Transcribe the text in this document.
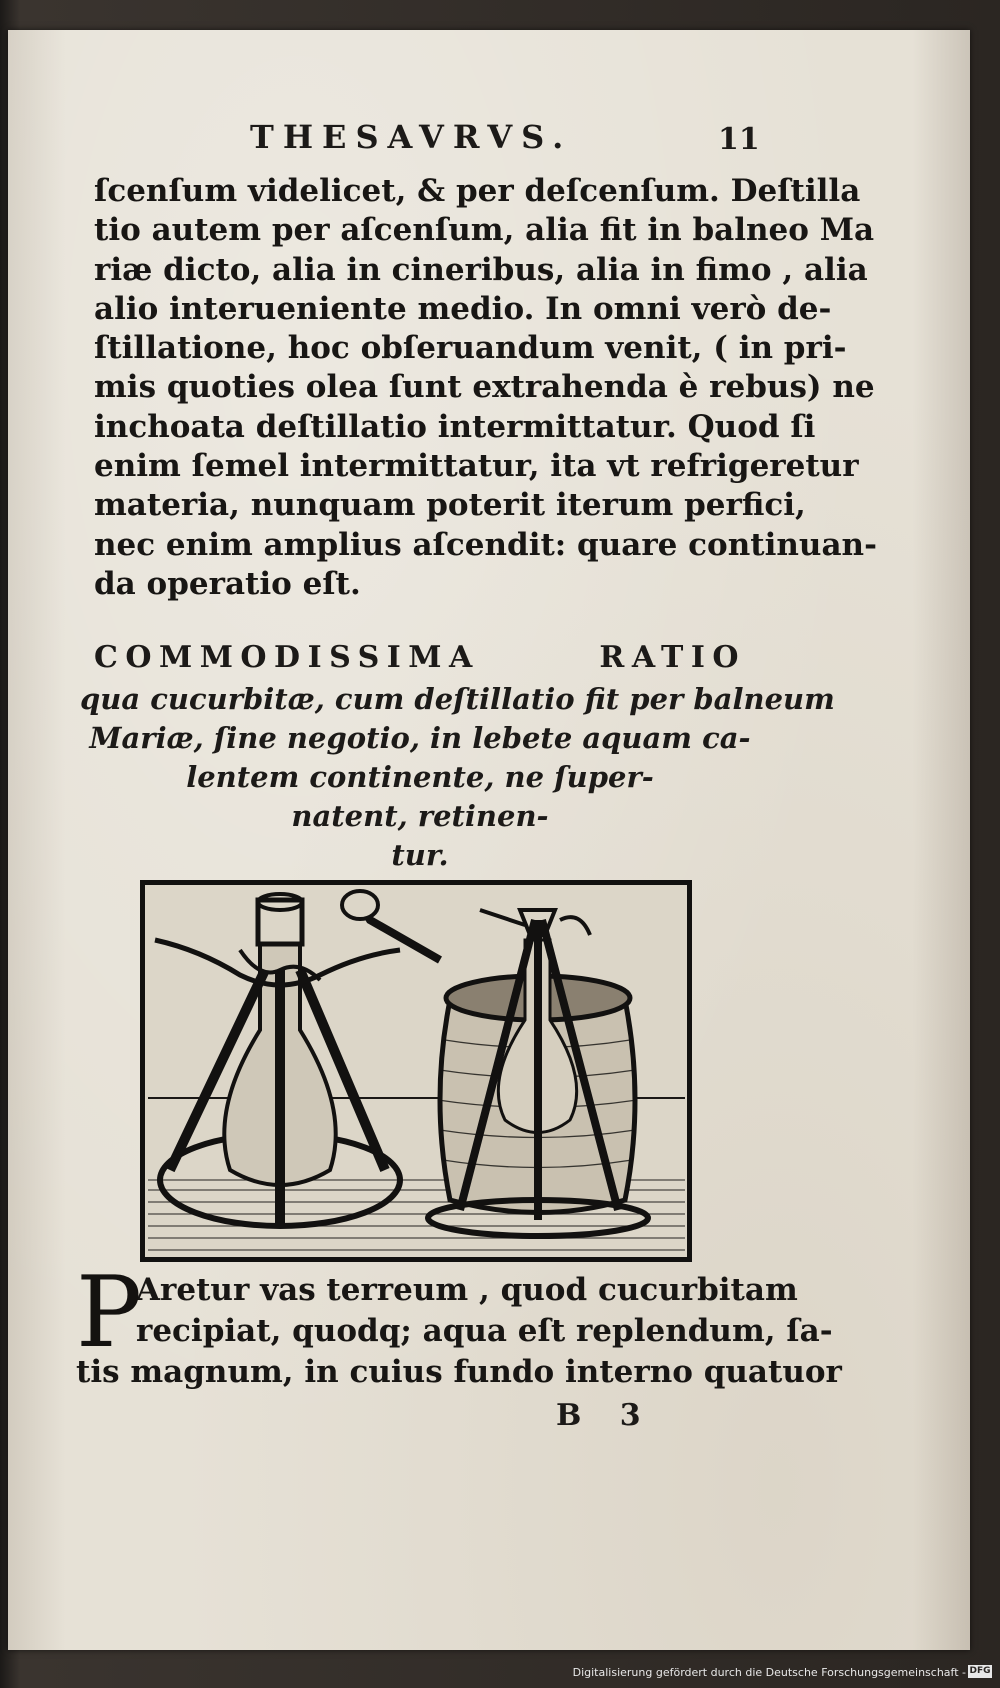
THESAVRVS.	11
ſcenſum videlicet, & per deſcenſum. Deſtilla
tio autem per aſcenſum, alia fit in balneo Ma
riæ dicto, alia in cineribus, alia in fimo , alia
alio interueniente medio. In omni verò de-
ſtillatione, hoc obſeruandum venit, ( in pri-
mis quoties olea ſunt extrahenda è rebus) ne
inchoata deſtillatio intermittatur. Quod ſi
enim ſemel intermittatur, ita vt refrigeretur
materia, nunquam poterit iterum perfici,
nec enim amplius aſcendit: quare continuan-
da operatio eſt.
COMMODISSIMA RATIO
qua cucurbitæ, cum deſtillatio fit per balneum
Mariæ, ſine negotio, in lebete aquam ca-
lentem continente, ne ſuper-
natent, retinen-
tur.
P
Aretur vas terreum , quod cucurbitam
recipiat, quodq; aqua eſt replendum, ſa-
tis magnum, in cuius fundo interno quatuor
B 3
Digitalisierung gefördert durch die Deutsche Forschungsgemeinschaft - DFG
